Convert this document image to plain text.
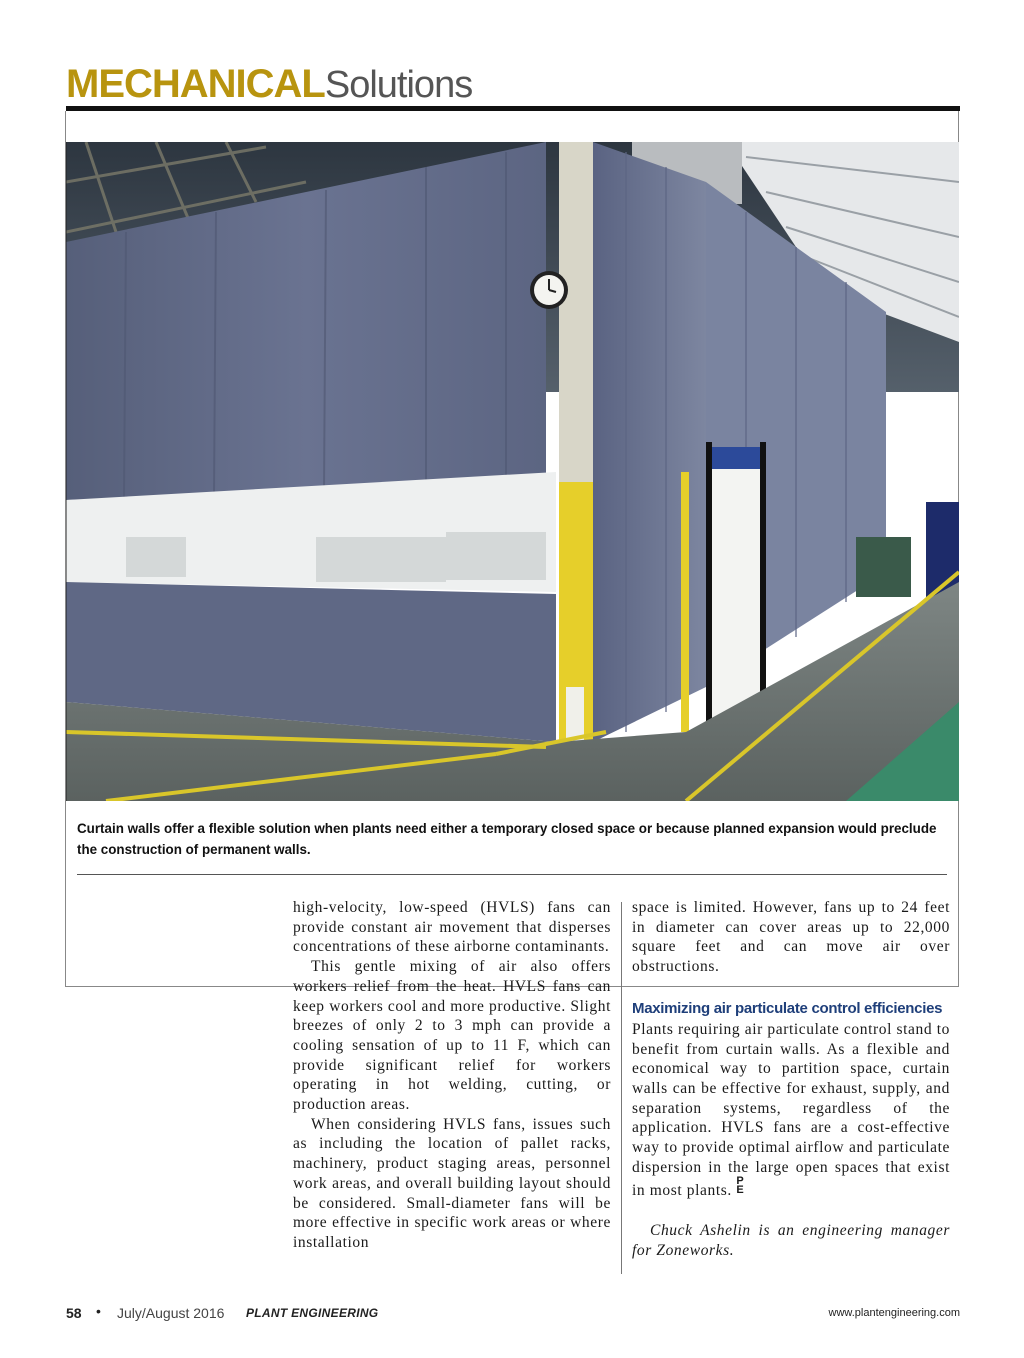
MECHANICALSolutions
Curtain walls offer a flexible solution when plants need either a temporary closed space or because planned expansion would preclude the construction of permanent walls.

high-velocity, low-speed (HVLS) fans can provide constant air movement that disperses concentrations of these airborne contaminants.

This gentle mixing of air also offers workers relief from the heat. HVLS fans can keep workers cool and more productive. Slight breezes of only 2 to 3 mph can provide a cooling sensation of up to 11 F, which can provide significant relief for workers operating in hot welding, cutting, or production areas.

When considering HVLS fans, issues such as including the location of pallet racks, machinery, product staging areas, personnel work areas, and overall building layout should be considered. Small-diameter fans will be more effective in specific work areas or where installation

space is limited. However, fans up to 24 feet in diameter can cover areas up to 22,000 square feet and can move air over obstructions.

Maximizing air particulate control efficiencies

Plants requiring air particulate control stand to benefit from curtain walls. As a flexible and economical way to partition space, curtain walls can be effective for exhaust, supply, and separation systems, regardless of the application. HVLS fans are a cost-effective way to provide optimal airflow and particulate dispersion in the large open spaces that exist in most plants. P
E

Chuck Ashelin is an engineering manager for Zoneworks.

58 • July/August 2016 PLANT ENGINEERING	www.plantengineering.com
